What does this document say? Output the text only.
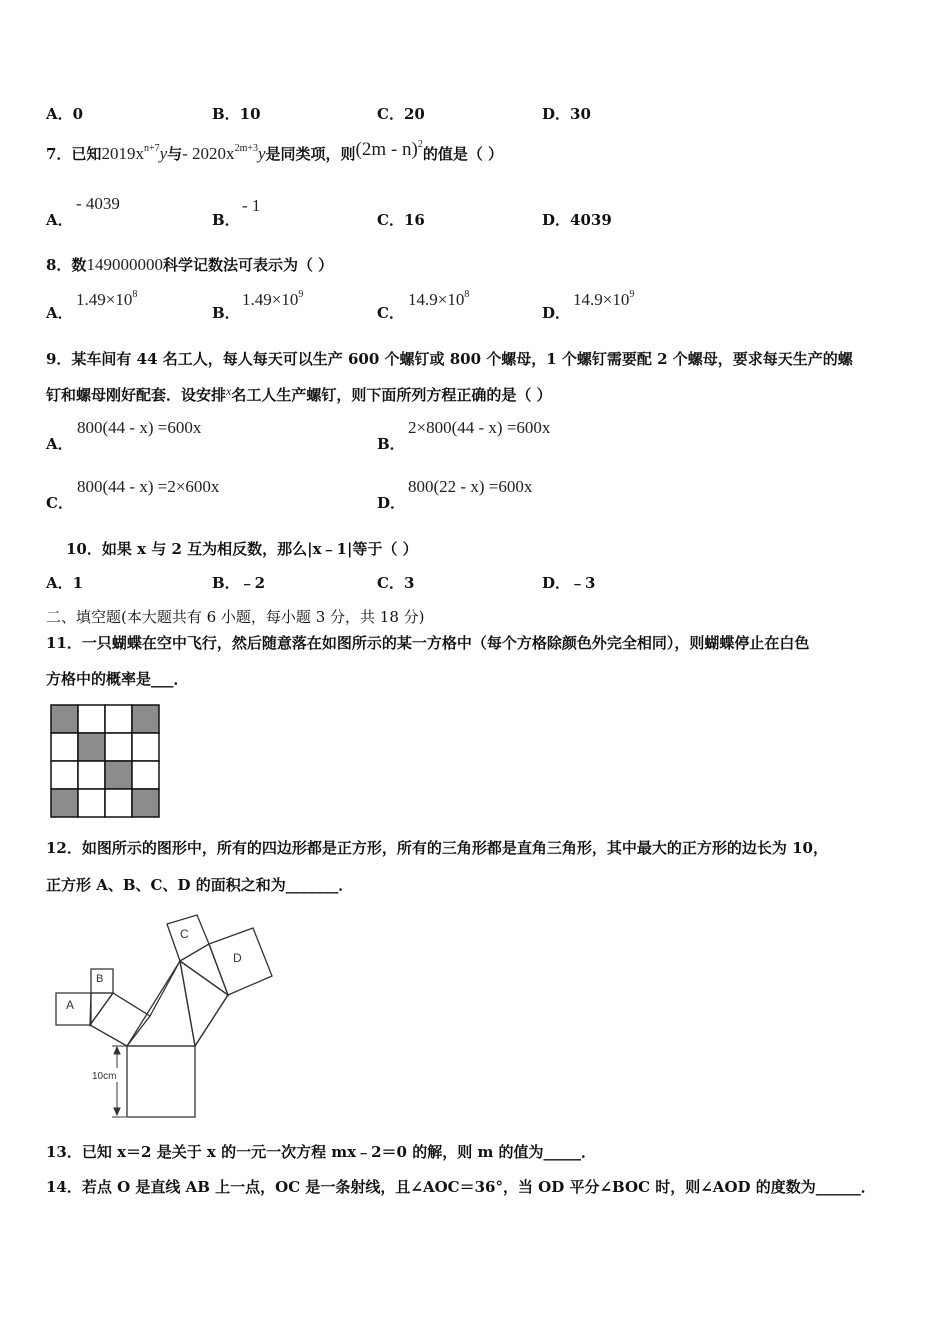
A．0	B．10	C．20	D．30
7．已知$2019x^{n+7}y$与- $2020x^{2m+3}y$是同类项，则(2m - n)$^2$的值是（ ）
A．
- 4039
B．
- 1
C．16	D．4039
8．数149000000科学记数法可表示为（ ）
A．
$1.49\times 10^8$
B．
$1.49\times 10^9$
C．
$14.9\times 10^8$
D．
$14.9\times 10^9$
9．某车间有 44 名工人，每人每天可以生产 600 个螺钉或 800 个螺母，1 个螺钉需要配 2 个螺母，要求每天生产的螺
钉和螺母刚好配套．设安排$^x$名工人生产螺钉，则下面所列方程正确的是（ ）
A．
800(44 - x) =600x
B．
2×800(44 - x) =600x
C．
800(44 - x) =2×600x
D．
800(22 - x) =600x
10．如果 x 与 2 互为相反数，那么|x﹣1|等于（ ）
A．1	B．﹣2	C．3	D．﹣3
二、填空题(本大题共有 6 小题，每小题 3 分，共 18 分)
11．一只蝴蝶在空中飞行，然后随意落在如图所示的某一方格中（每个方格除颜色外完全相同），则蝴蝶停止在白色
方格中的概率是___．
12．如图所示的图形中，所有的四边形都是正方形，所有的三角形都是直角三角形，其中最大的正方形的边长为 10，
正方形 A、B、C、D 的面积之和为_______．
A
B
C
D
10cm
13．已知 x＝2 是关于 x 的一元一次方程 mx﹣2＝0 的解，则 m 的值为_____．
14．若点 O 是直线 AB 上一点，OC 是一条射线，且∠AOC＝36°，当 OD 平分∠BOC 时，则∠AOD 的度数为______．
